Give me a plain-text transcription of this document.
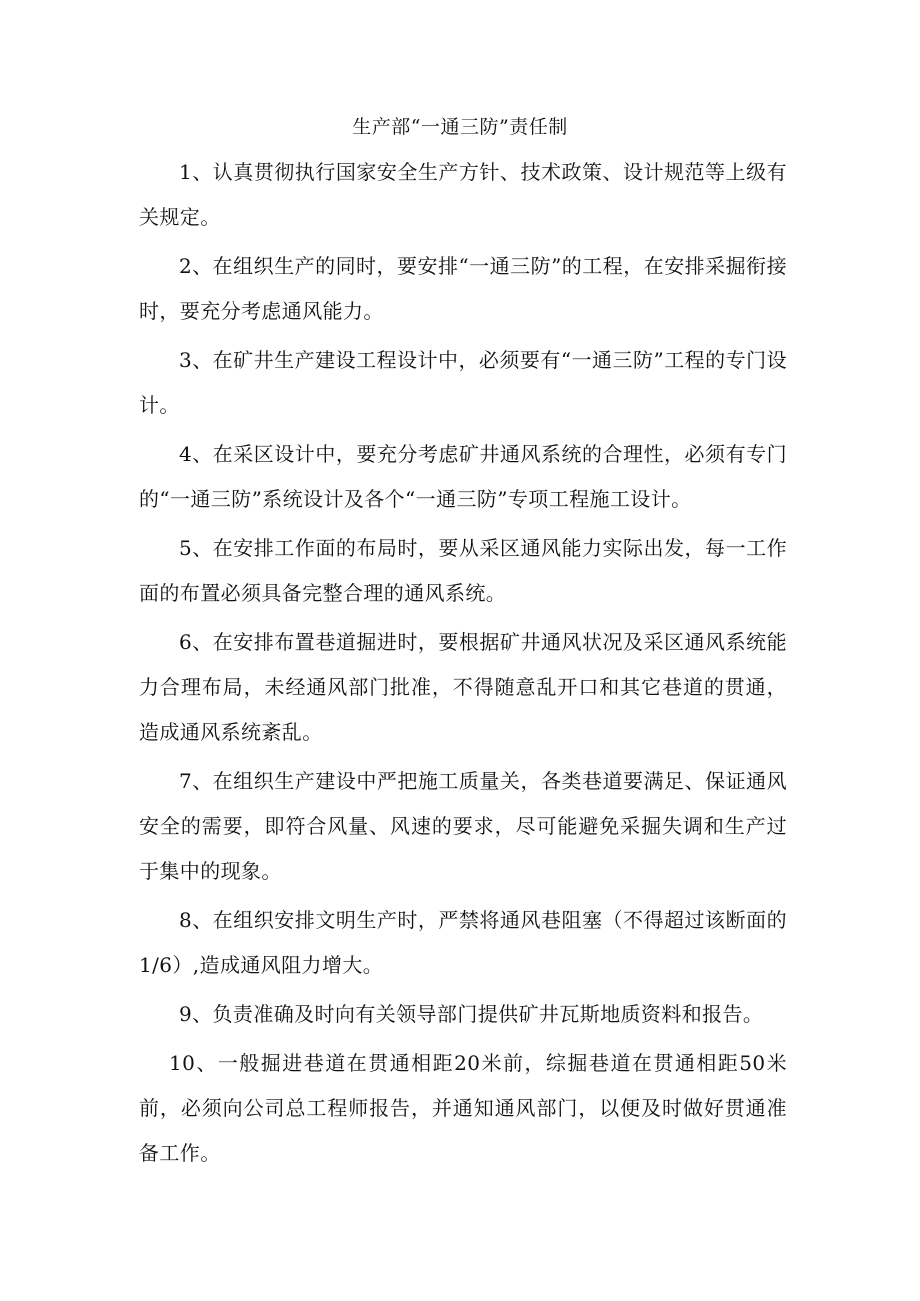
生产部“一通三防”责任制

1、认真贯彻执行国家安全生产方针、技术政策、设计规范等上级有关规定。

2、在组织生产的同时，要安排“一通三防”的工程，在安排采掘衔接时，要充分考虑通风能力。

3、在矿井生产建设工程设计中，必须要有“一通三防”工程的专门设计。

4、在采区设计中，要充分考虑矿井通风系统的合理性，必须有专门的“一通三防”系统设计及各个“一通三防”专项工程施工设计。

5、在安排工作面的布局时，要从采区通风能力实际出发，每一工作面的布置必须具备完整合理的通风系统。

6、在安排布置巷道掘进时，要根据矿井通风状况及采区通风系统能力合理布局，未经通风部门批准，不得随意乱开口和其它巷道的贯通，造成通风系统紊乱。

7、在组织生产建设中严把施工质量关，各类巷道要满足、保证通风安全的需要，即符合风量、风速的要求，尽可能避免采掘失调和生产过于集中的现象。

8、在组织安排文明生产时，严禁将通风巷阻塞（不得超过该断面的1/6）,造成通风阻力增大。

9、负责准确及时向有关领导部门提供矿井瓦斯地质资料和报告。

10、一般掘进巷道在贯通相距20米前，综掘巷道在贯通相距50米前，必须向公司总工程师报告，并通知通风部门，以便及时做好贯通准备工作。
